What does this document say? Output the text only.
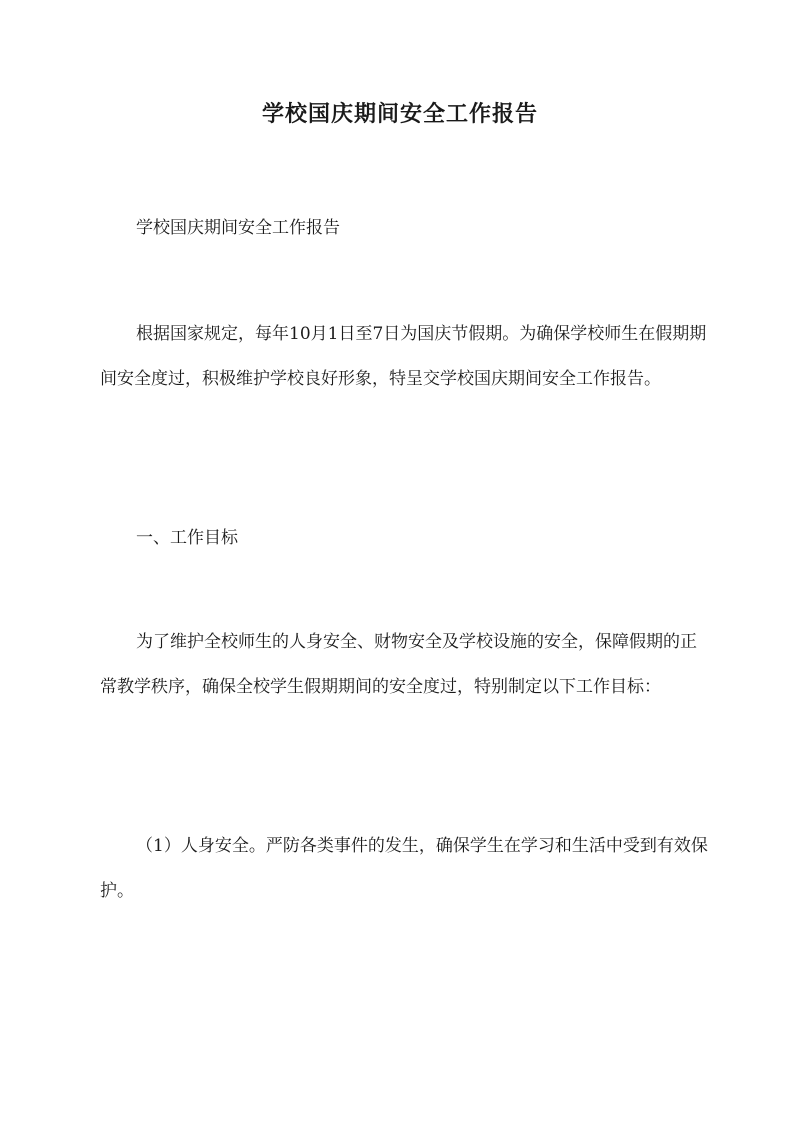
学校国庆期间安全工作报告

学校国庆期间安全工作报告

根据国家规定，每年10月1日至7日为国庆节假期。为确保学校师生在假期期间安全度过，积极维护学校良好形象，特呈交学校国庆期间安全工作报告。

一、工作目标

为了维护全校师生的人身安全、财物安全及学校设施的安全，保障假期的正常教学秩序，确保全校学生假期期间的安全度过，特别制定以下工作目标：

（1）人身安全。严防各类事件的发生，确保学生在学习和生活中受到有效保护。
